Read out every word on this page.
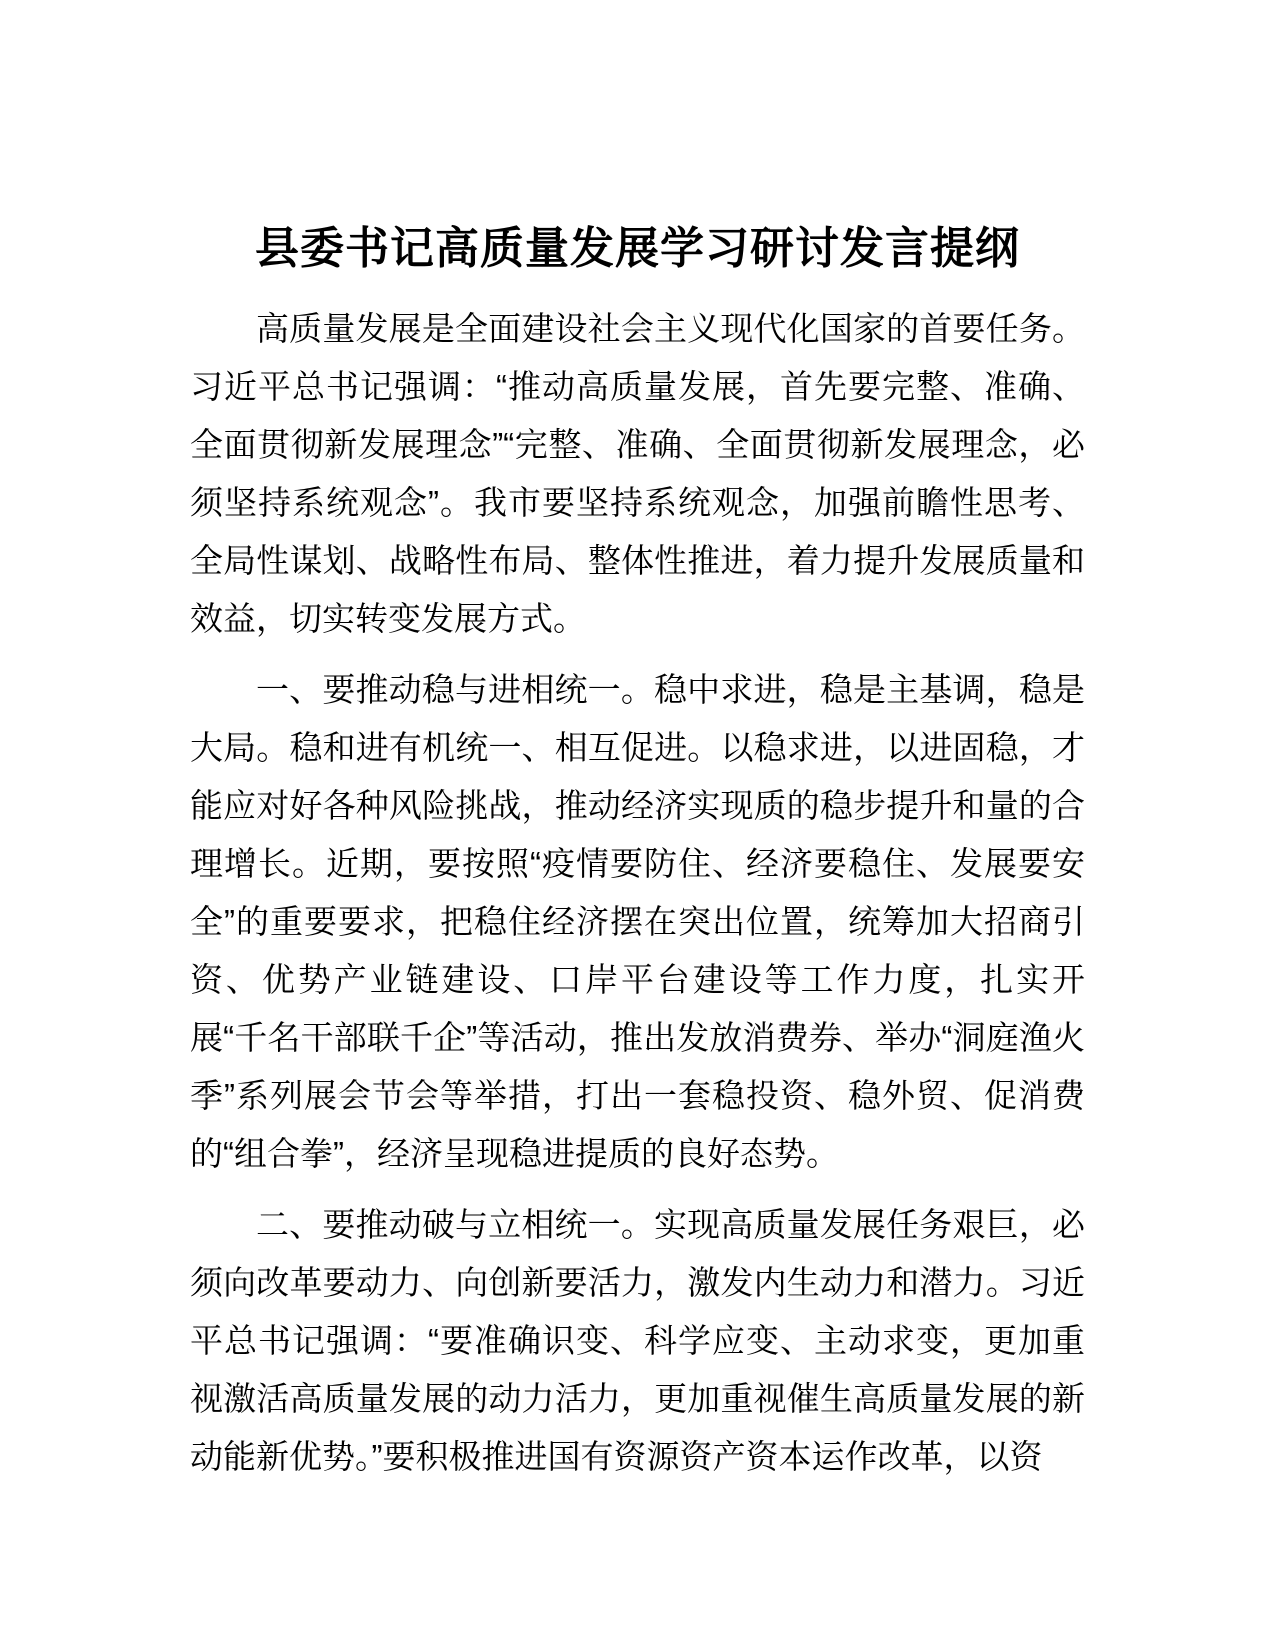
县委书记高质量发展学习研讨发言提纲

高质量发展是全面建设社会主义现代化国家的首要任务。习近平总书记强调：“推动高质量发展，首先要完整、准确、全面贯彻新发展理念”“完整、准确、全面贯彻新发展理念，必须坚持系统观念”。我市要坚持系统观念，加强前瞻性思考、全局性谋划、战略性布局、整体性推进，着力提升发展质量和效益，切实转变发展方式。

一、要推动稳与进相统一。稳中求进，稳是主基调，稳是大局。稳和进有机统一、相互促进。以稳求进，以进固稳，才能应对好各种风险挑战，推动经济实现质的稳步提升和量的合理增长。近期，要按照“疫情要防住、经济要稳住、发展要安全”的重要要求，把稳住经济摆在突出位置，统筹加大招商引资、优势产业链建设、口岸平台建设等工作力度，扎实开展“千名干部联千企”等活动，推出发放消费券、举办“洞庭渔火季”系列展会节会等举措，打出一套稳投资、稳外贸、促消费的“组合拳”，经济呈现稳进提质的良好态势。

二、要推动破与立相统一。实现高质量发展任务艰巨，必须向改革要动力、向创新要活力，激发内生动力和潜力。习近平总书记强调：“要准确识变、科学应变、主动求变，更加重视激活高质量发展的动力活力，更加重视催生高质量发展的新动能新优势。”要积极推进国有资源资产资本运作改革，以资
